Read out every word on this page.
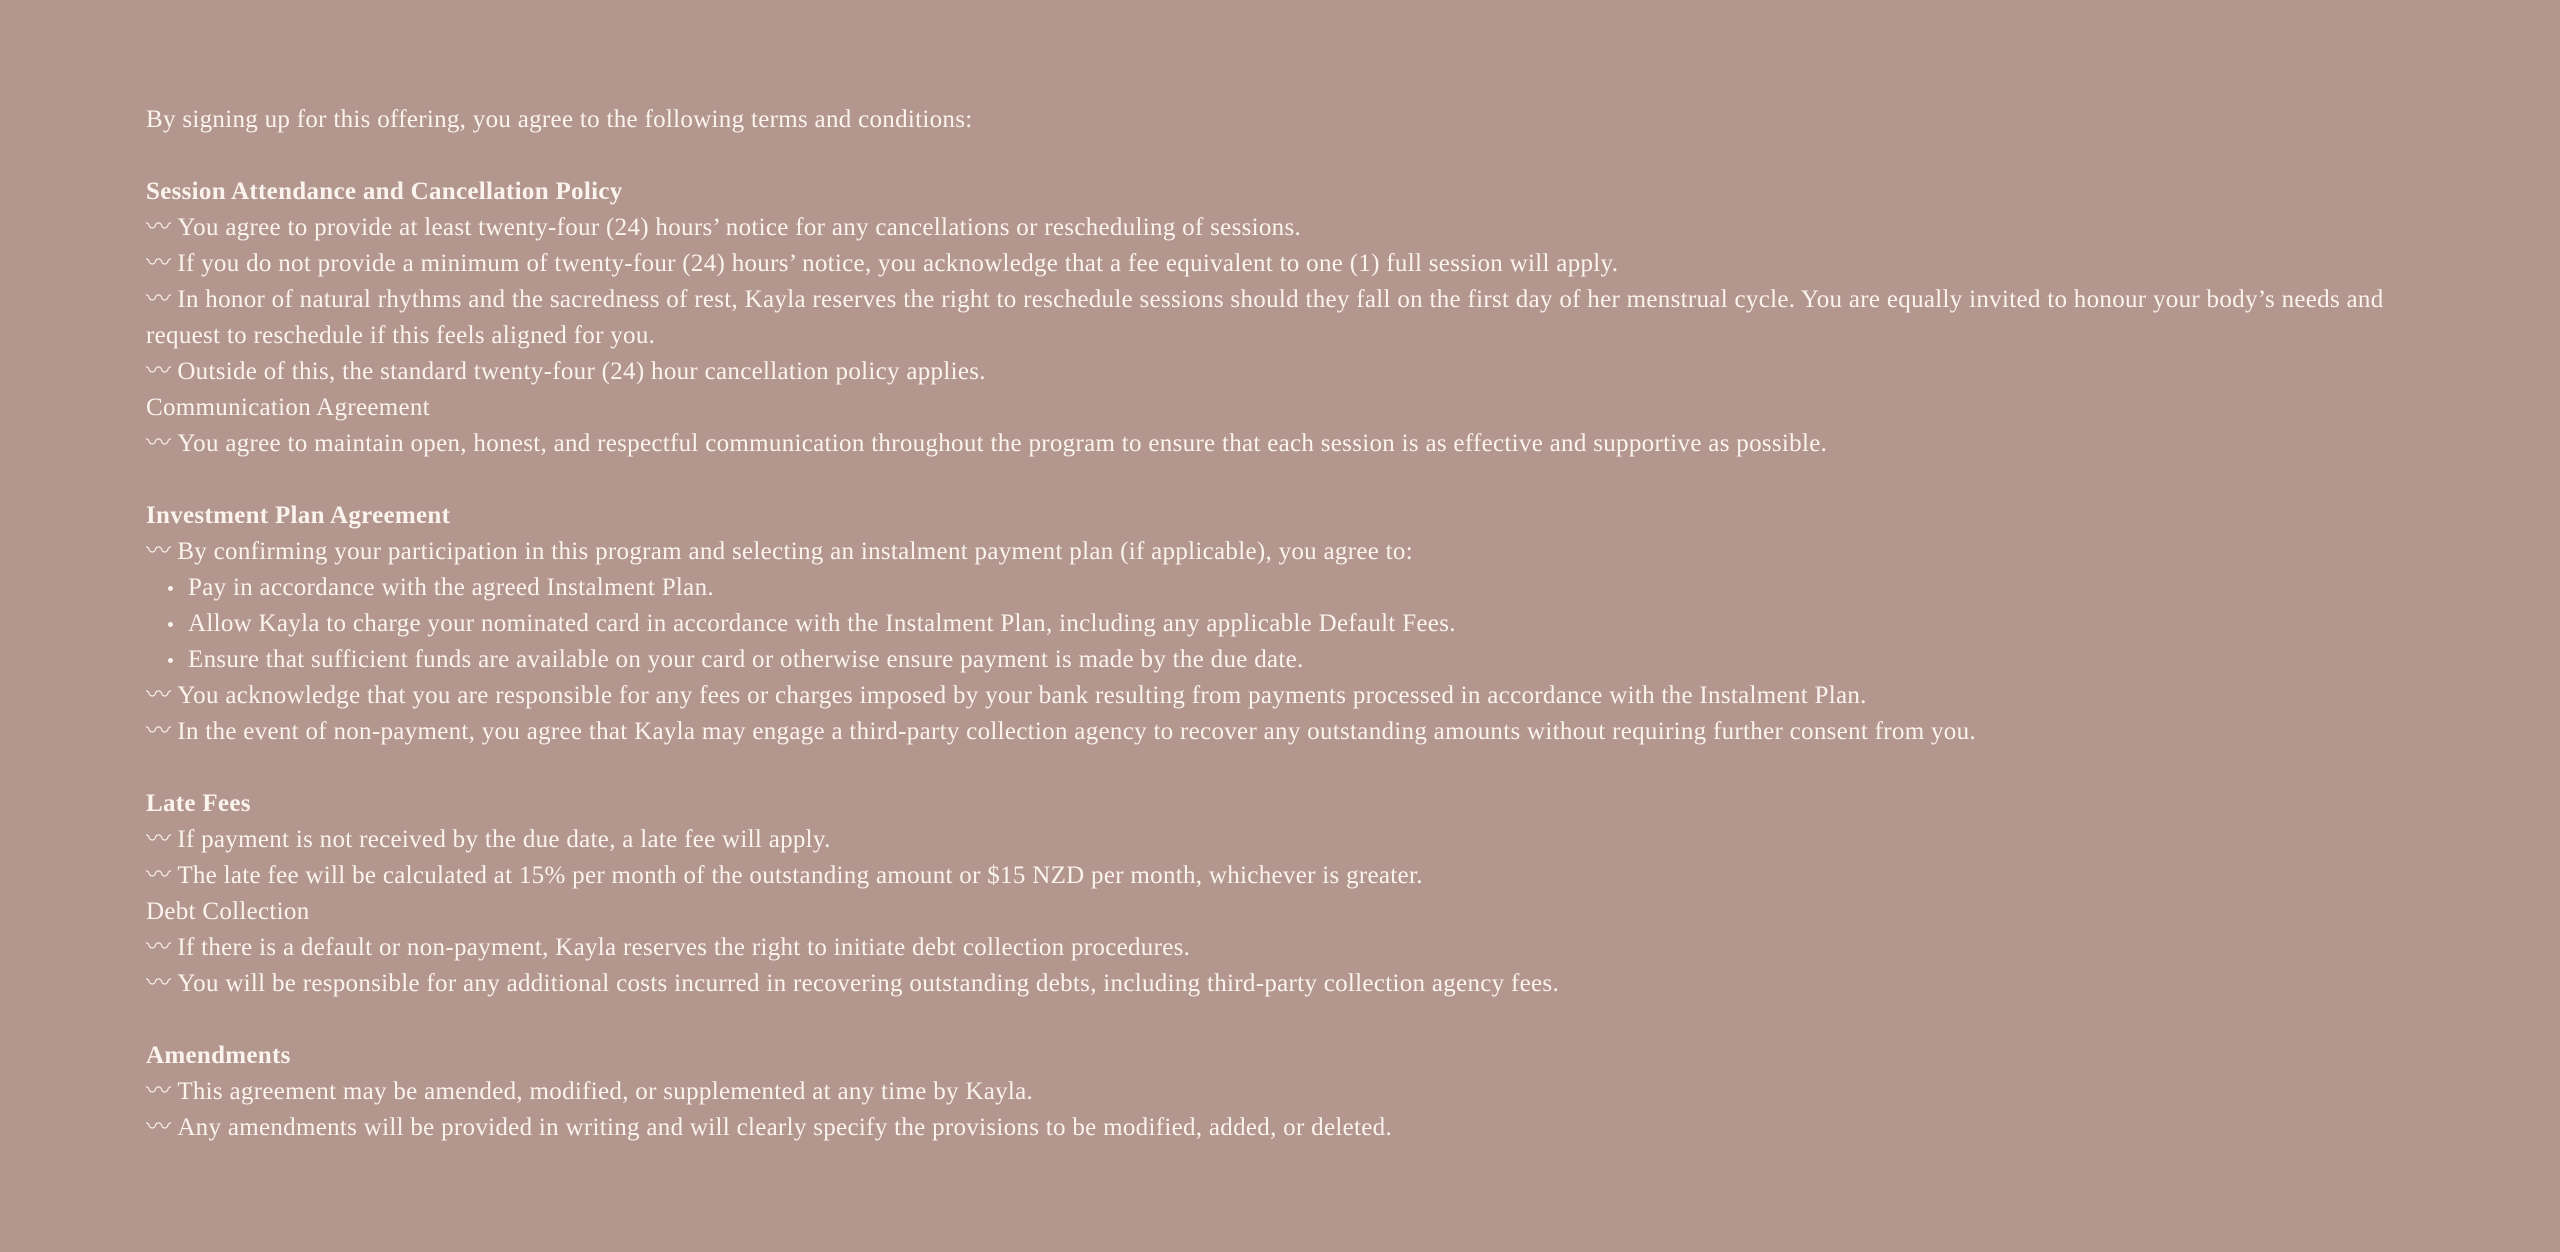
By signing up for this offering, you agree to the following terms and conditions:

Session Attendance and Cancellation Policy

〰 You agree to provide at least twenty-four (24) hours’ notice for any cancellations or rescheduling of sessions.

〰 If you do not provide a minimum of twenty-four (24) hours’ notice, you acknowledge that a fee equivalent to one (1) full session will apply.

〰 In honor of natural rhythms and the sacredness of rest, Kayla reserves the right to reschedule sessions should they fall on the first day of her menstrual cycle. You are equally invited to honour your body’s needs and request to reschedule if this feels aligned for you.

〰 Outside of this, the standard twenty-four (24) hour cancellation policy applies.

Communication Agreement

〰 You agree to maintain open, honest, and respectful communication throughout the program to ensure that each session is as effective and supportive as possible.

Investment Plan Agreement

〰 By confirming your participation in this program and selecting an instalment payment plan (if applicable), you agree to:

Pay in accordance with the agreed Instalment Plan.
Allow Kayla to charge your nominated card in accordance with the Instalment Plan, including any applicable Default Fees.
Ensure that sufficient funds are available on your card or otherwise ensure payment is made by the due date.

〰 You acknowledge that you are responsible for any fees or charges imposed by your bank resulting from payments processed in accordance with the Instalment Plan.

〰 In the event of non-payment, you agree that Kayla may engage a third-party collection agency to recover any outstanding amounts without requiring further consent from you.

Late Fees

〰 If payment is not received by the due date, a late fee will apply.

〰 The late fee will be calculated at 15% per month of the outstanding amount or $15 NZD per month, whichever is greater.

Debt Collection

〰 If there is a default or non-payment, Kayla reserves the right to initiate debt collection procedures.

〰 You will be responsible for any additional costs incurred in recovering outstanding debts, including third-party collection agency fees.

Amendments

〰 This agreement may be amended, modified, or supplemented at any time by Kayla.

〰 Any amendments will be provided in writing and will clearly specify the provisions to be modified, added, or deleted.
